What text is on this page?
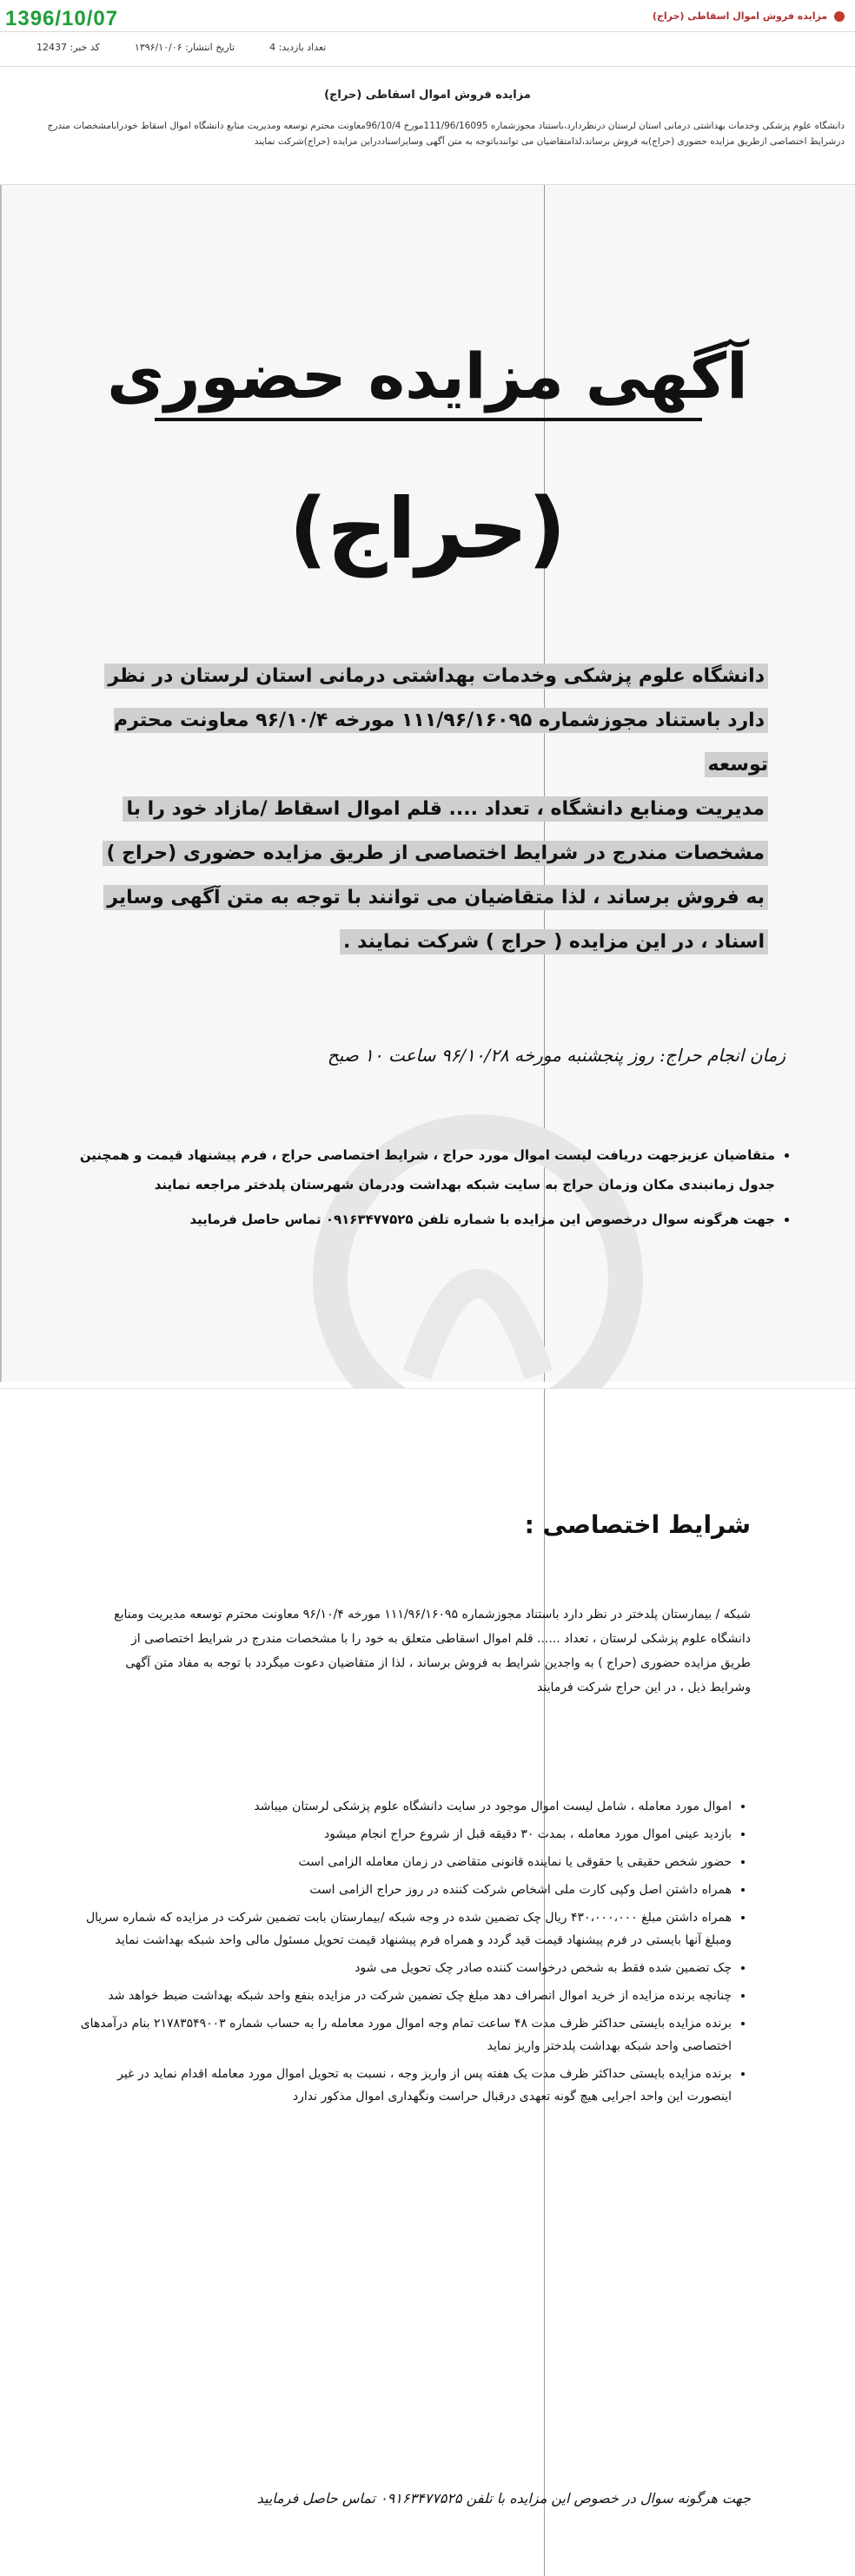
1396/10/07	مزایده فروش اموال اسقاطی (حراج)
کد خبر: 12437	تاریخ انتشار: ۱۳۹۶/۱۰/۰۶	تعداد بازدید: 4
مزایده فروش اموال اسقاطی (حراج)
دانشگاه علوم پزشکی وخدمات بهداشتی درمانی استان لرستان درنظردارد،باستناد مجوزشماره 111/96/16095مورخ 96/10/4معاونت محترم توسعه ومدیریت منابع دانشگاه اموال اسقاط خودرابامشخصات مندرج درشرایط اختصاصی ازطریق مزایده حضوری (حراج)به فروش برساند،لذامتقاضیان می توانندباتوجه به متن آگهی وسایراسناددراین مزایده (حراج)شرکت نمایند
آگهی مزایده حضوری
(حراج)
دانشگاه علوم پزشکی وخدمات بهداشتی درمانی استان لرستان در نظر
دارد باستناد مجوزشماره ۱۱۱/۹۶/۱۶۰۹۵ مورخه ۹۶/۱۰/۴ معاونت محترم توسعه
مدیریت ومنابع دانشگاه ، تعداد .... قلم اموال اسقاط /مازاد خود را با
مشخصات مندرج در شرایط اختصاصی از طریق مزایده حضوری (حراج )
به فروش برساند ، لذا متقاضیان می توانند با توجه به متن آگهی وسایر
اسناد ، در این مزایده ( حراج ) شرکت نمایند .
زمان انجام حراج: روز پنجشنبه مورخه ۹۶/۱۰/۲۸ ساعت ۱۰ صبح
• متقاضیان عزیزجهت دریافت لیست اموال مورد حراج ، شرایط اختصاصی حراج ، فرم پیشنهاد قیمت و همچنین جدول زمانبندی مکان وزمان حراج به سایت شبکه بهداشت ودرمان شهرستان پلدختر مراجعه نمایند
• جهت هرگونه سوال درخصوص این مزایده با شماره تلفن ۰۹۱۶۳۴۷۷۵۲۵ تماس حاصل فرمایید
شرایط اختصاصی :
شبکه / بیمارستان پلدختر در نظر دارد باستناد مجوزشماره ۱۱۱/۹۶/۱۶۰۹۵ مورخه ۹۶/۱۰/۴ معاونت محترم توسعه مدیریت ومنابع دانشگاه علوم پزشکی لرستان ، تعداد ...... قلم اموال اسقاطی متعلق به خود را با مشخصات مندرج در شرایط اختصاصی از طریق مزایده حضوری (حراج ) به واجدین شرایط به فروش برساند ، لذا از متقاضیان دعوت میگردد با توجه به مفاد متن آگهی وشرایط ذیل ، در این حراج شرکت فرمایند
• اموال مورد معامله ، شامل لیست اموال موجود در سایت دانشگاه علوم پزشکی لرستان میباشد
• بازدید عینی اموال مورد معامله ، بمدت ۳۰ دقیقه قبل از شروع حراج انجام میشود
• حضور شخص حقیقی یا حقوقی یا نماینده قانونی متقاضی در زمان معامله الزامی است
• همراه داشتن اصل وکپی کارت ملی اشخاص شرکت کننده در روز حراج الزامی است
• همراه داشتن مبلغ ۴۳۰،۰۰۰،۰۰۰ ریال چک تضمین شده در وجه شبکه /بیمارستان بابت تضمین شرکت در مزایده که شماره سریال ومبلغ آنها بایستی در فرم پیشنهاد قیمت قید گردد و همراه فرم پیشنهاد قیمت تحویل مسئول مالی واحد شبکه بهداشت نماید
• چک تضمین شده فقط به شخص درخواست کننده صادر چک تحویل می شود
• چنانچه برنده مزایده از خرید اموال انصراف دهد مبلغ چک تضمین شرکت در مزایده بنفع واحد شبکه بهداشت ضبط خواهد شد
• برنده مزایده بایستی حداکثر ظرف مدت ۴۸ ساعت تمام وجه اموال مورد معامله را به حساب شماره ۲۱۷۸۳۵۴۹۰۰۳ بنام درآمدهای اختصاصی واحد شبکه بهداشت پلدختر واریز نماید
• برنده مزایده بایستی حداکثر ظرف مدت یک هفته پس از واریز وجه ، نسبت به تحویل اموال مورد معامله اقدام نماید در غیر اینصورت این واحد اجرایی هیچ گونه تعهدی درقبال حراست ونگهداری اموال مذکور ندارد
جهت هرگونه سوال در خصوص این مزایده با تلفن ۰۹۱۶۳۴۷۷۵۲۵ تماس حاصل فرمایید
